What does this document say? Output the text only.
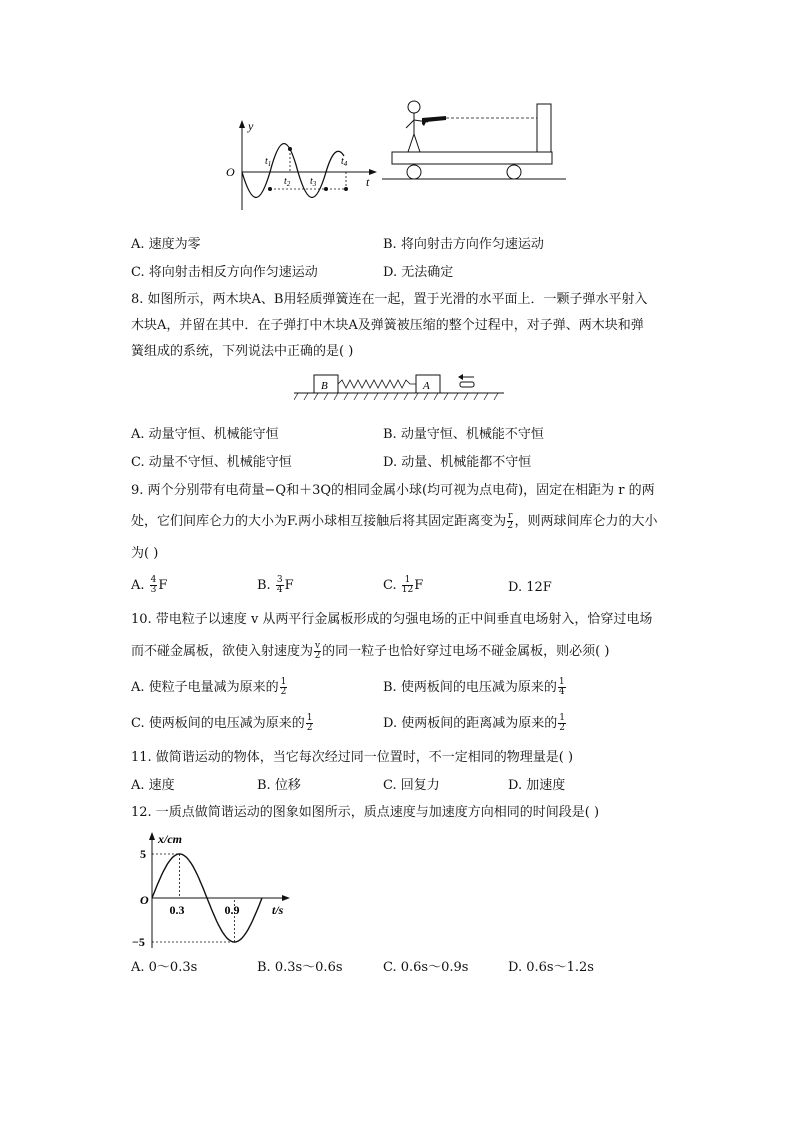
y
O
t
$t_1$
$t_2$ $t_3$
$t_4$
A. 速度为零	B. 将向射击方向作匀速运动
C. 将向射击相反方向作匀速运动	D. 无法确定
8. 如图所示，两木块A、B用轻质弹簧连在一起，置于光滑的水平面上．一颗子弹水平射入
木块A，并留在其中．在子弹打中木块A及弹簧被压缩的整个过程中，对子弹、两木块和弹
簧组成的系统，下列说法中正确的是( )
B	A
A. 动量守恒、机械能守恒	B. 动量守恒、机械能不守恒
C. 动量不守恒、机械能守恒	D. 动量、机械能都不守恒
9. 两个分别带有电荷量−Q和＋3Q的相同金属小球(均可视为点电荷)，固定在相距为 r 的两
处，它们间库仑力的大小为F.两小球相互接触后将其固定距离变为 $\frac{r}{2}$ ，则两球间库仑力的大小
为( )
A. $\frac{4}{3}$ F	B. $\frac{3}{4}$ F	C. $\frac{1}{12}$ F	D. 12F
10. 带电粒子以速度 v 从两平行金属板形成的匀强电场的正中间垂直电场射入，恰穿过电场
而不碰金属板，欲使入射速度为 $\frac{v}{2}$ 的同一粒子也恰好穿过电场不碰金属板，则必须( )
A. 使粒子电量减为原来的 $\frac{1}{2}$	B. 使两板间的电压减为原来的 $\frac{1}{4}$
C. 使两板间的电压减为原来的 $\frac{1}{2}$	D. 使两板间的距离减为原来的 $\frac{1}{2}$
11. 做简谐运动的物体，当它每次经过同一位置时，不一定相同的物理量是( )
A. 速度	B. 位移	C. 回复力	D. 加速度
12. 一质点做简谐运动的图象如图所示，质点速度与加速度方向相同的时间段是( )
x/cm
t/s
O
0.3	0.9
5
−5
A. 0～0.3s	B. 0.3s～0.6s	C. 0.6s～0.9s	D. 0.6s～1.2s
